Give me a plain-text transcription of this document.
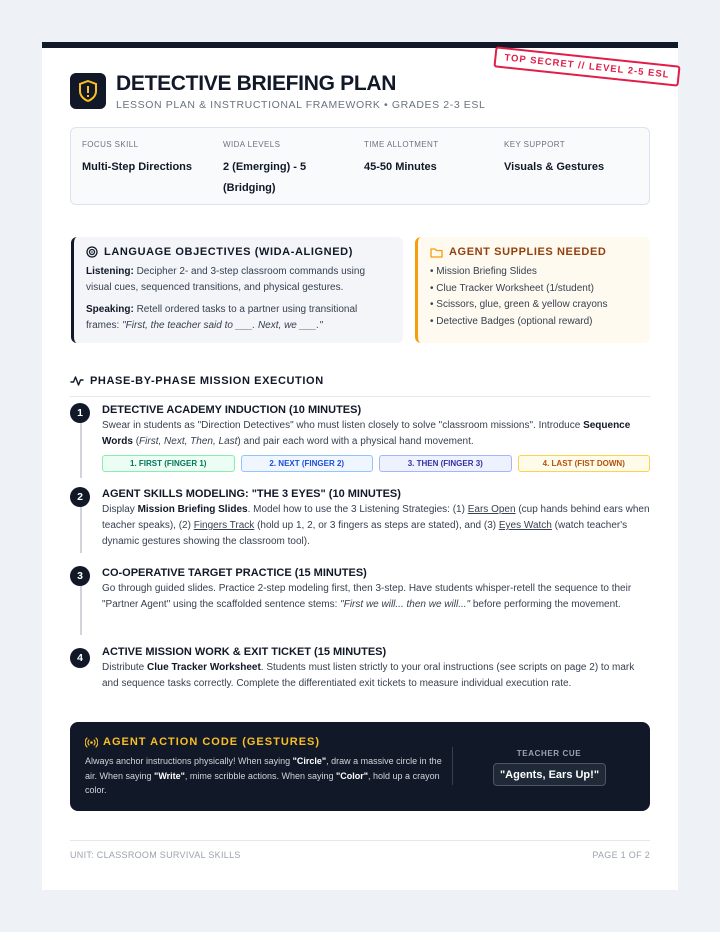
TOP SECRET // LEVEL 2-5 ESL
DETECTIVE BRIEFING PLAN
LESSON PLAN & INSTRUCTIONAL FRAMEWORK • GRADES 2-3 ESL
FOCUS SKILL
Multi-Step Directions
WIDA LEVELS
2 (Emerging) - 5 (Bridging)
TIME ALLOTMENT
45-50 Minutes
KEY SUPPORT
Visuals & Gestures
LANGUAGE OBJECTIVES (WIDA-ALIGNED)
Listening: Decipher 2- and 3-step classroom commands using visual cues, sequenced transitions, and physical gestures.
Speaking: Retell ordered tasks to a partner using transitional frames: "First, the teacher said to ___. Next, we ___."
AGENT SUPPLIES NEEDED
• Mission Briefing Slides
• Clue Tracker Worksheet (1/student)
• Scissors, glue, green & yellow crayons
• Detective Badges (optional reward)
PHASE-BY-PHASE MISSION EXECUTION
1	DETECTIVE ACADEMY INDUCTION (10 MINUTES)
Swear in students as "Direction Detectives" who must listen closely to solve "classroom missions". Introduce Sequence Words (First, Next, Then, Last) and pair each word with a physical hand movement.
1. FIRST (FINGER 1)	2. NEXT (FINGER 2)	3. THEN (FINGER 3)	4. LAST (FIST DOWN)
2	AGENT SKILLS MODELING: "THE 3 EYES" (10 MINUTES)
Display Mission Briefing Slides. Model how to use the 3 Listening Strategies: (1) Ears Open (cup hands behind ears when teacher speaks), (2) Fingers Track (hold up 1, 2, or 3 fingers as steps are stated), and (3) Eyes Watch (watch teacher's dynamic gestures showing the classroom tool).
3	CO-OPERATIVE TARGET PRACTICE (15 MINUTES)
Go through guided slides. Practice 2-step modeling first, then 3-step. Have students whisper-retell the sequence to their "Partner Agent" using the scaffolded sentence stems: "First we will... then we will..." before performing the movement.
4	ACTIVE MISSION WORK & EXIT TICKET (15 MINUTES)
Distribute Clue Tracker Worksheet. Students must listen strictly to your oral instructions (see scripts on page 2) to mark and sequence tasks correctly. Complete the differentiated exit tickets to measure individual execution rate.
AGENT ACTION CODE (GESTURES)
Always anchor instructions physically! When saying "Circle", draw a massive circle in the air. When saying "Write", mime scribble actions. When saying "Color", hold up a crayon color.
TEACHER CUE
"Agents, Ears Up!"
UNIT: CLASSROOM SURVIVAL SKILLS	PAGE 1 OF 2
